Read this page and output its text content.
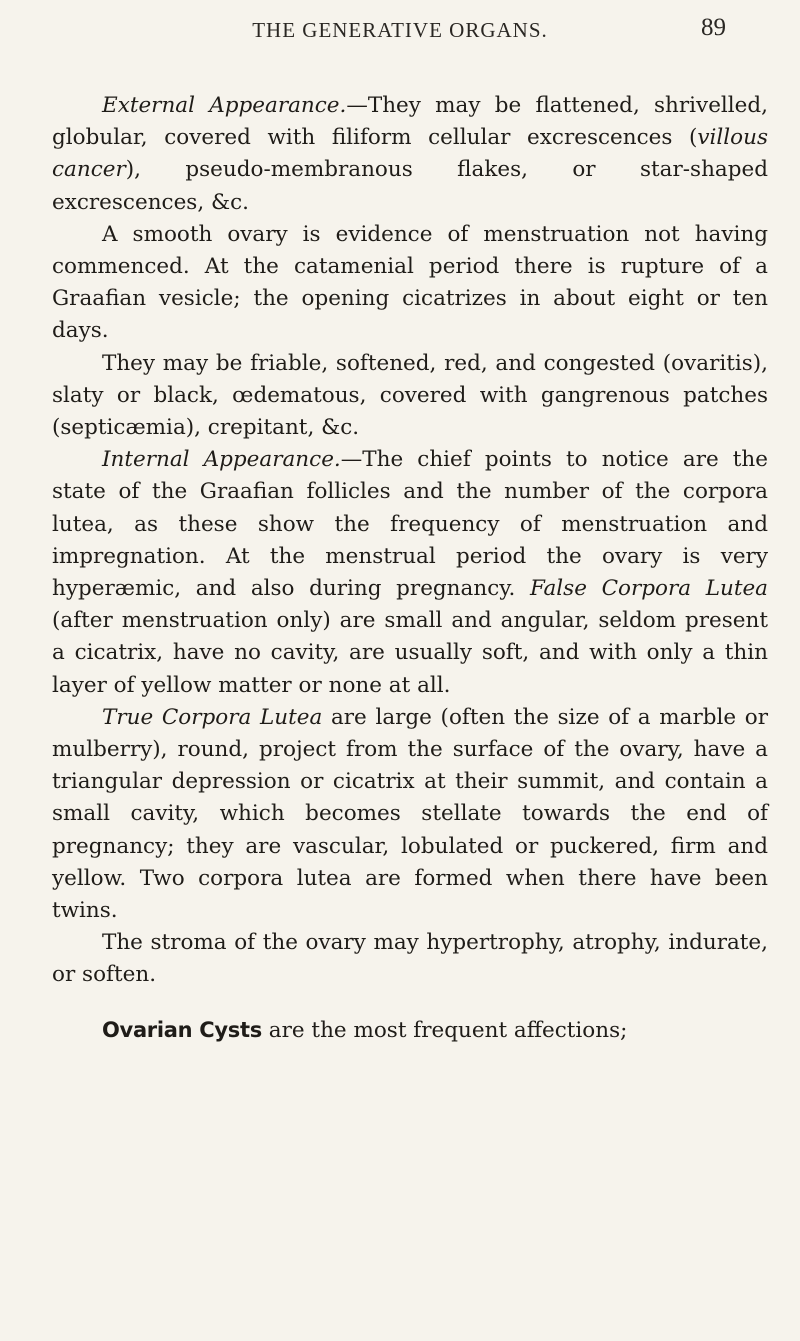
THE GENERATIVE ORGANS.	89

External Appearance.—They may be flattened, shrivelled, globular, covered with filiform cellular excrescences (villous cancer), pseudo-membranous flakes, or star-shaped excrescences, &c.

A smooth ovary is evidence of menstruation not having commenced. At the catamenial period there is rupture of a Graafian vesicle; the opening cicatrizes in about eight or ten days.

They may be friable, softened, red, and congested (ovaritis), slaty or black, œdematous, covered with gangrenous patches (septicæmia), crepitant, &c.

Internal Appearance.—The chief points to notice are the state of the Graafian follicles and the number of the corpora lutea, as these show the frequency of menstruation and impregnation. At the menstrual period the ovary is very hyperæmic, and also during pregnancy. False Corpora Lutea (after menstruation only) are small and angular, seldom present a cicatrix, have no cavity, are usually soft, and with only a thin layer of yellow matter or none at all.

True Corpora Lutea are large (often the size of a marble or mulberry), round, project from the surface of the ovary, have a triangular depression or cicatrix at their summit, and contain a small cavity, which becomes stellate towards the end of pregnancy; they are vascular, lobulated or puckered, firm and yellow. Two corpora lutea are formed when there have been twins.

The stroma of the ovary may hypertrophy, atrophy, indurate, or soften.

Ovarian Cysts are the most frequent affections;
